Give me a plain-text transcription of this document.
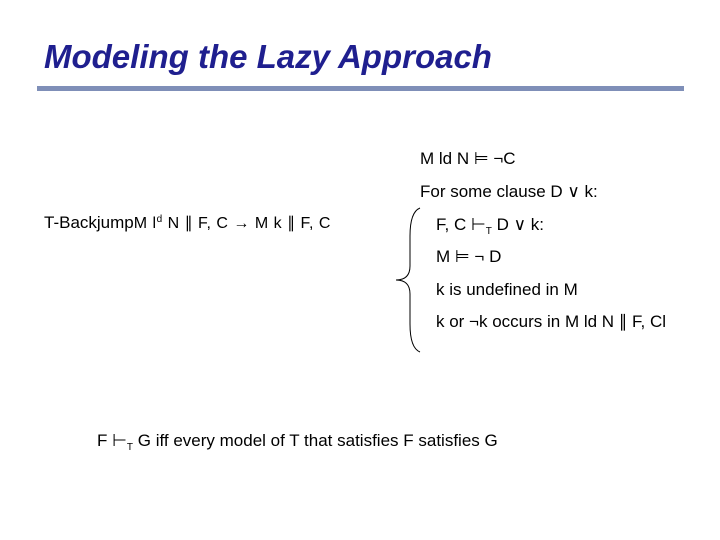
Modeling the Lazy Approach
T-BackjumpM $l^d$ N ∥ F, C → M k ∥ F, C
M ld N ⊨ ¬C
For some clause D ∨ k:
F, C $⊢_T$ D ∨ k:
M ⊨ ¬ D
k is undefined in M
k or ¬k occurs in M ld N ∥ F, Cl
F $⊢_T$ G iff every model of T that satisfies F satisfies G
